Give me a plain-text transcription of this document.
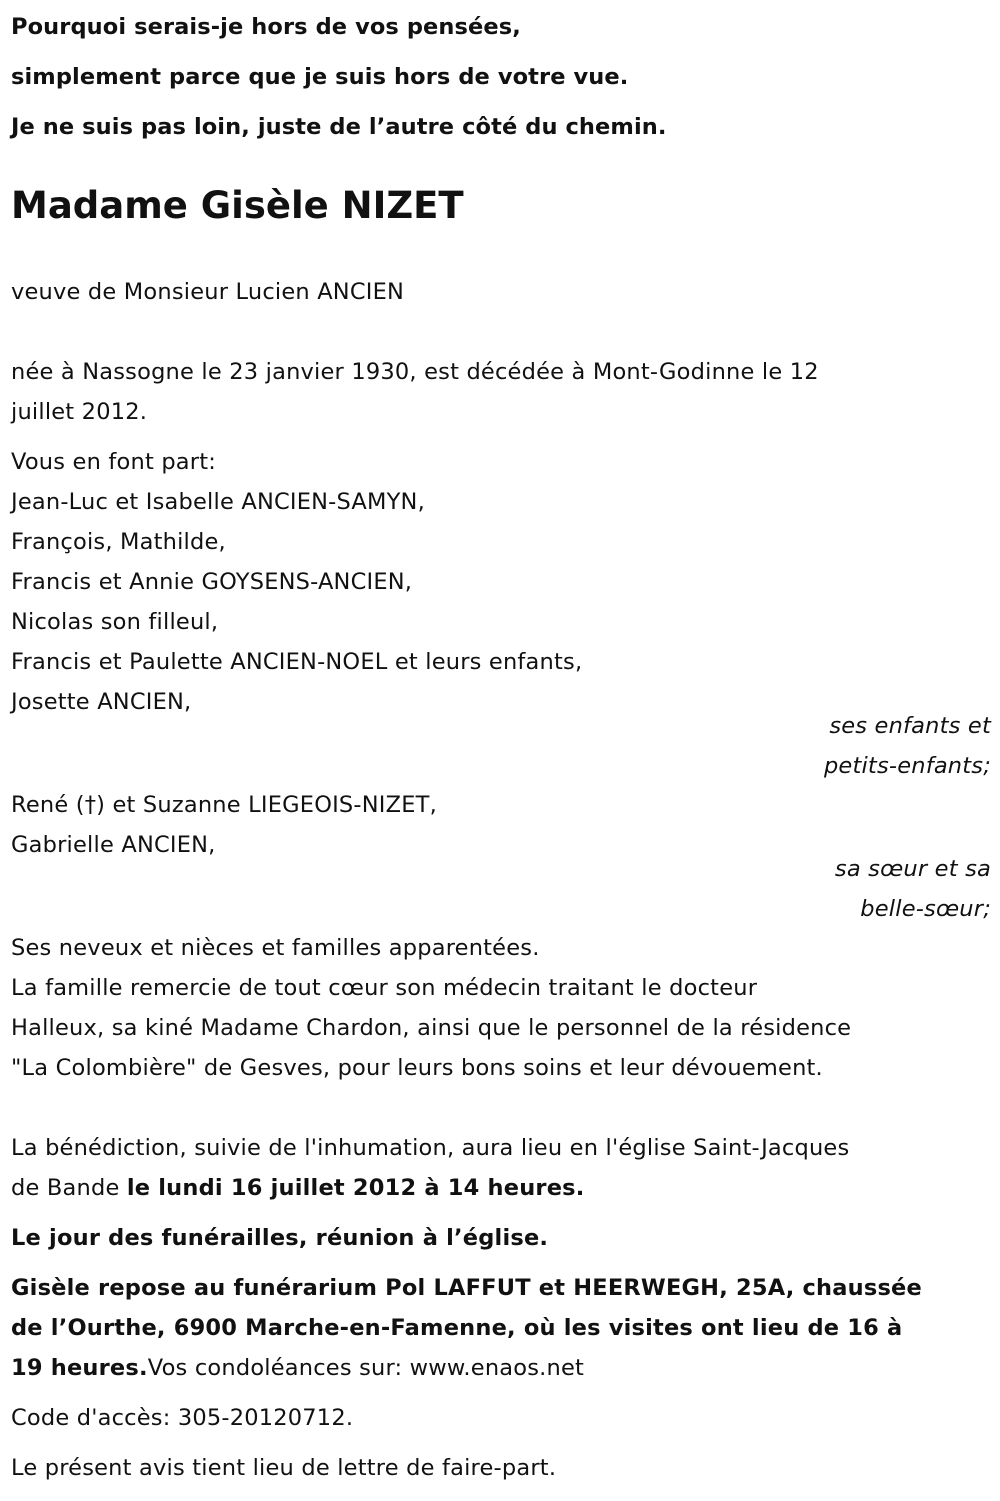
Pourquoi serais-je hors de vos pensées,
simplement parce que je suis hors de votre vue.
Je ne suis pas loin, juste de l’autre côté du chemin.
Madame Gisèle NIZET
veuve de Monsieur Lucien ANCIEN
née à Nassogne le 23 janvier 1930, est décédée à Mont-Godinne le 12
juillet 2012.
Vous en font part:
Jean-Luc et Isabelle ANCIEN-SAMYN,
François, Mathilde,
Francis et Annie GOYSENS-ANCIEN,
Nicolas son filleul,
Francis et Paulette ANCIEN-NOEL et leurs enfants,
Josette ANCIEN,
ses enfants et
petits-enfants;
René (†) et Suzanne LIEGEOIS-NIZET,
Gabrielle ANCIEN,
sa sœur et sa
belle-sœur;
Ses neveux et nièces et familles apparentées.
La famille remercie de tout cœur son médecin traitant le docteur
Halleux, sa kiné Madame Chardon, ainsi que le personnel de la résidence
"La Colombière" de Gesves, pour leurs bons soins et leur dévouement.
La bénédiction, suivie de l'inhumation, aura lieu en l'église Saint-Jacques
de Bande le lundi 16 juillet 2012 à 14 heures.
Le jour des funérailles, réunion à l’église.
Gisèle repose au funérarium Pol LAFFUT et HEERWEGH, 25A, chaussée
de l’Ourthe, 6900 Marche-en-Famenne, où les visites ont lieu de 16 à
19 heures.Vos condoléances sur: www.enaos.net
Code d'accès: 305-20120712.
Le présent avis tient lieu de lettre de faire-part.
